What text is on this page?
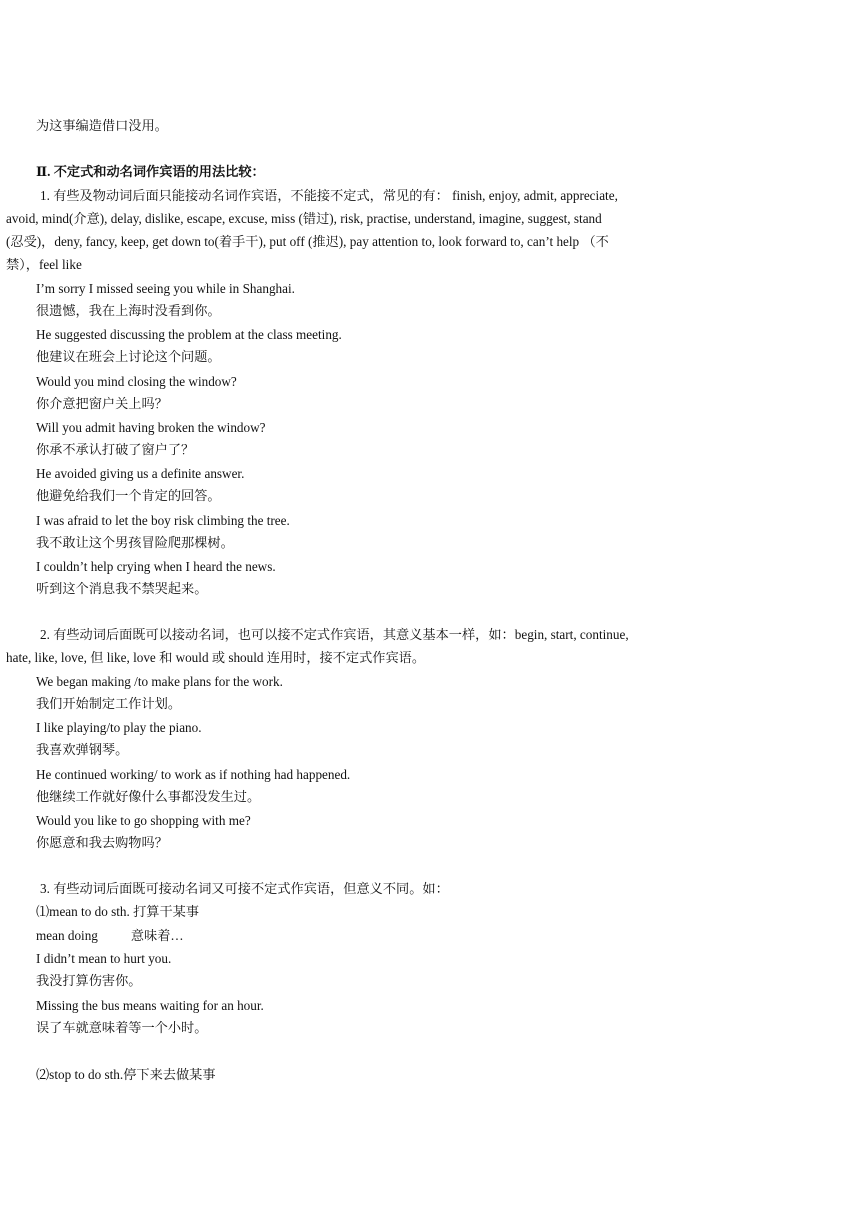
为这事编造借口没用。
Ⅱ. 不定式和动名词作宾语的用法比较：
1. 有些及物动词后面只能接动名词作宾语，不能接不定式，常见的有： finish, enjoy, admit, appreciate,
avoid, mind(介意), delay, dislike, escape, excuse, miss (错过), risk, practise, understand, imagine, suggest, stand
(忍受)，deny, fancy, keep, get down to(着手干), put off (推迟), pay attention to, look forward to, can’t help （不
禁），feel like
I’m sorry I missed seeing you while in Shanghai.
很遗憾，我在上海时没看到你。
He suggested discussing the problem at the class meeting.
他建议在班会上讨论这个问题。
Would you mind closing the window?
你介意把窗户关上吗？
Will you admit having broken the window?
你承不承认打破了窗户了？
He avoided giving us a definite answer.
他避免给我们一个肯定的回答。
I was afraid to let the boy risk climbing the tree.
我不敢让这个男孩冒险爬那棵树。
I couldn’t help crying when I heard the news.
听到这个消息我不禁哭起来。
2. 有些动词后面既可以接动名词，也可以接不定式作宾语，其意义基本一样，如：begin, start, continue,
hate, like, love, 但 like, love 和 would 或 should 连用时，接不定式作宾语。
We began making /to make plans for the work.
我们开始制定工作计划。
I like playing/to play the piano.
我喜欢弹钢琴。
He continued working/ to work as if nothing had happened.
他继续工作就好像什么事都没发生过。
Would you like to go shopping with me?
你愿意和我去购物吗？
3. 有些动词后面既可接动名词又可接不定式作宾语，但意义不同。如：
⑴mean to do sth. 打算干某事
mean doing          意味着…
I didn’t mean to hurt you.
我没打算伤害你。
Missing the bus means waiting for an hour.
误了车就意味着等一个小时。
⑵stop to do sth.停下来去做某事
